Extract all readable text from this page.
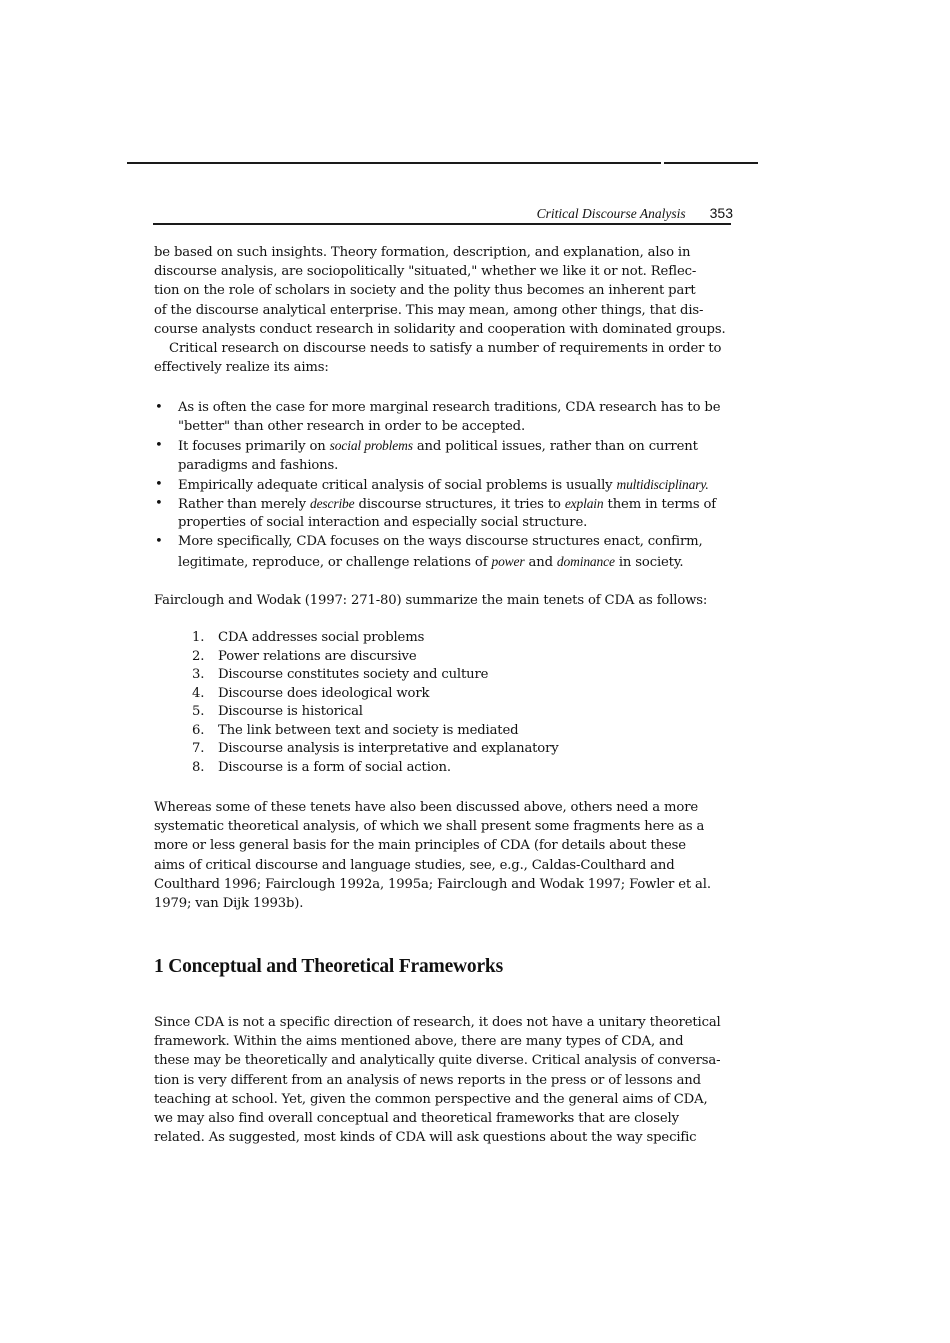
Critical Discourse Analysis 353
be based on such insights. Theory formation, description, and explanation, also in
discourse analysis, are sociopolitically "situated," whether we like it or not. Reflec-
tion on the role of scholars in society and the polity thus becomes an inherent part
of the discourse analytical enterprise. This may mean, among other things, that dis-
course analysts conduct research in solidarity and cooperation with dominated groups.
Critical research on discourse needs to satisfy a number of requirements in order to
effectively realize its aims:
• As is often the case for more marginal research traditions, CDA research has to be
"better" than other research in order to be accepted.
• It focuses primarily on social problems and political issues, rather than on current
paradigms and fashions.
• Empirically adequate critical analysis of social problems is usually multidisciplinary.
• Rather than merely describe discourse structures, it tries to explain them in terms of
properties of social interaction and especially social structure.
• More specifically, CDA focuses on the ways discourse structures enact, confirm,
legitimate, reproduce, or challenge relations of power and dominance in society.
Fairclough and Wodak (1997: 271-80) summarize the main tenets of CDA as follows:
1. CDA addresses social problems
2. Power relations are discursive
3. Discourse constitutes society and culture
4. Discourse does ideological work
5. Discourse is historical
6. The link between text and society is mediated
7. Discourse analysis is interpretative and explanatory
8. Discourse is a form of social action.
Whereas some of these tenets have also been discussed above, others need a more
systematic theoretical analysis, of which we shall present some fragments here as a
more or less general basis for the main principles of CDA (for details about these
aims of critical discourse and language studies, see, e.g., Caldas-Coulthard and
Coulthard 1996; Fairclough 1992a, 1995a; Fairclough and Wodak 1997; Fowler et al.
1979; van Dijk 1993b).
1 Conceptual and Theoretical Frameworks
Since CDA is not a specific direction of research, it does not have a unitary theoretical
framework. Within the aims mentioned above, there are many types of CDA, and
these may be theoretically and analytically quite diverse. Critical analysis of conversa-
tion is very different from an analysis of news reports in the press or of lessons and
teaching at school. Yet, given the common perspective and the general aims of CDA,
we may also find overall conceptual and theoretical frameworks that are closely
related. As suggested, most kinds of CDA will ask questions about the way specific
